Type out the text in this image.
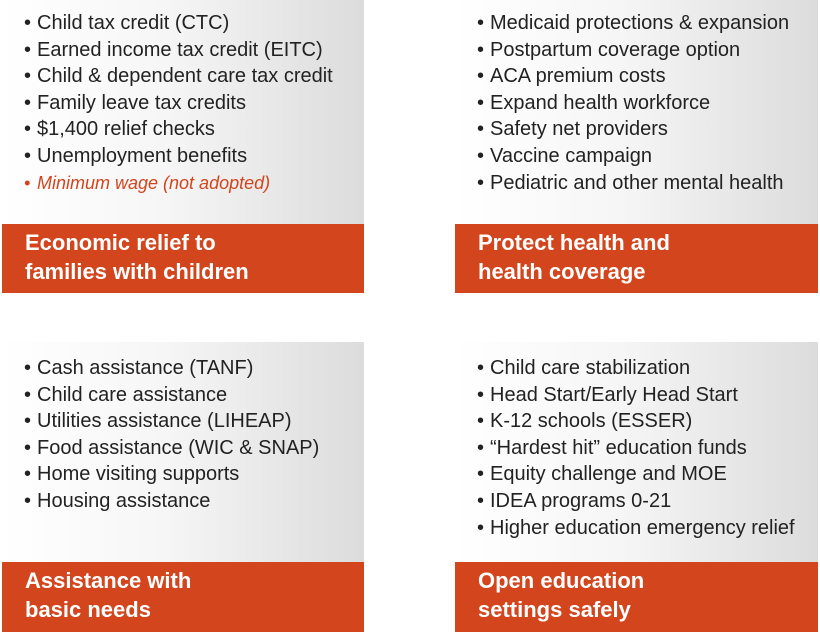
• Child tax credit (CTC)
• Earned income tax credit (EITC)
• Child & dependent care tax credit
• Family leave tax credits
• $1,400 relief checks
• Unemployment benefits
• Minimum wage (not adopted)
Economic relief to
families with children
• Medicaid protections & expansion
• Postpartum coverage option
• ACA premium costs
• Expand health workforce
• Safety net providers
• Vaccine campaign
• Pediatric and other mental health
Protect health and
health coverage
• Cash assistance (TANF)
• Child care assistance
• Utilities assistance (LIHEAP)
• Food assistance (WIC & SNAP)
• Home visiting supports
• Housing assistance
Assistance with
basic needs
• Child care stabilization
• Head Start/Early Head Start
• K-12 schools (ESSER)
• “Hardest hit” education funds
• Equity challenge and MOE
• IDEA programs 0-21
• Higher education emergency relief
Open education
settings safely
